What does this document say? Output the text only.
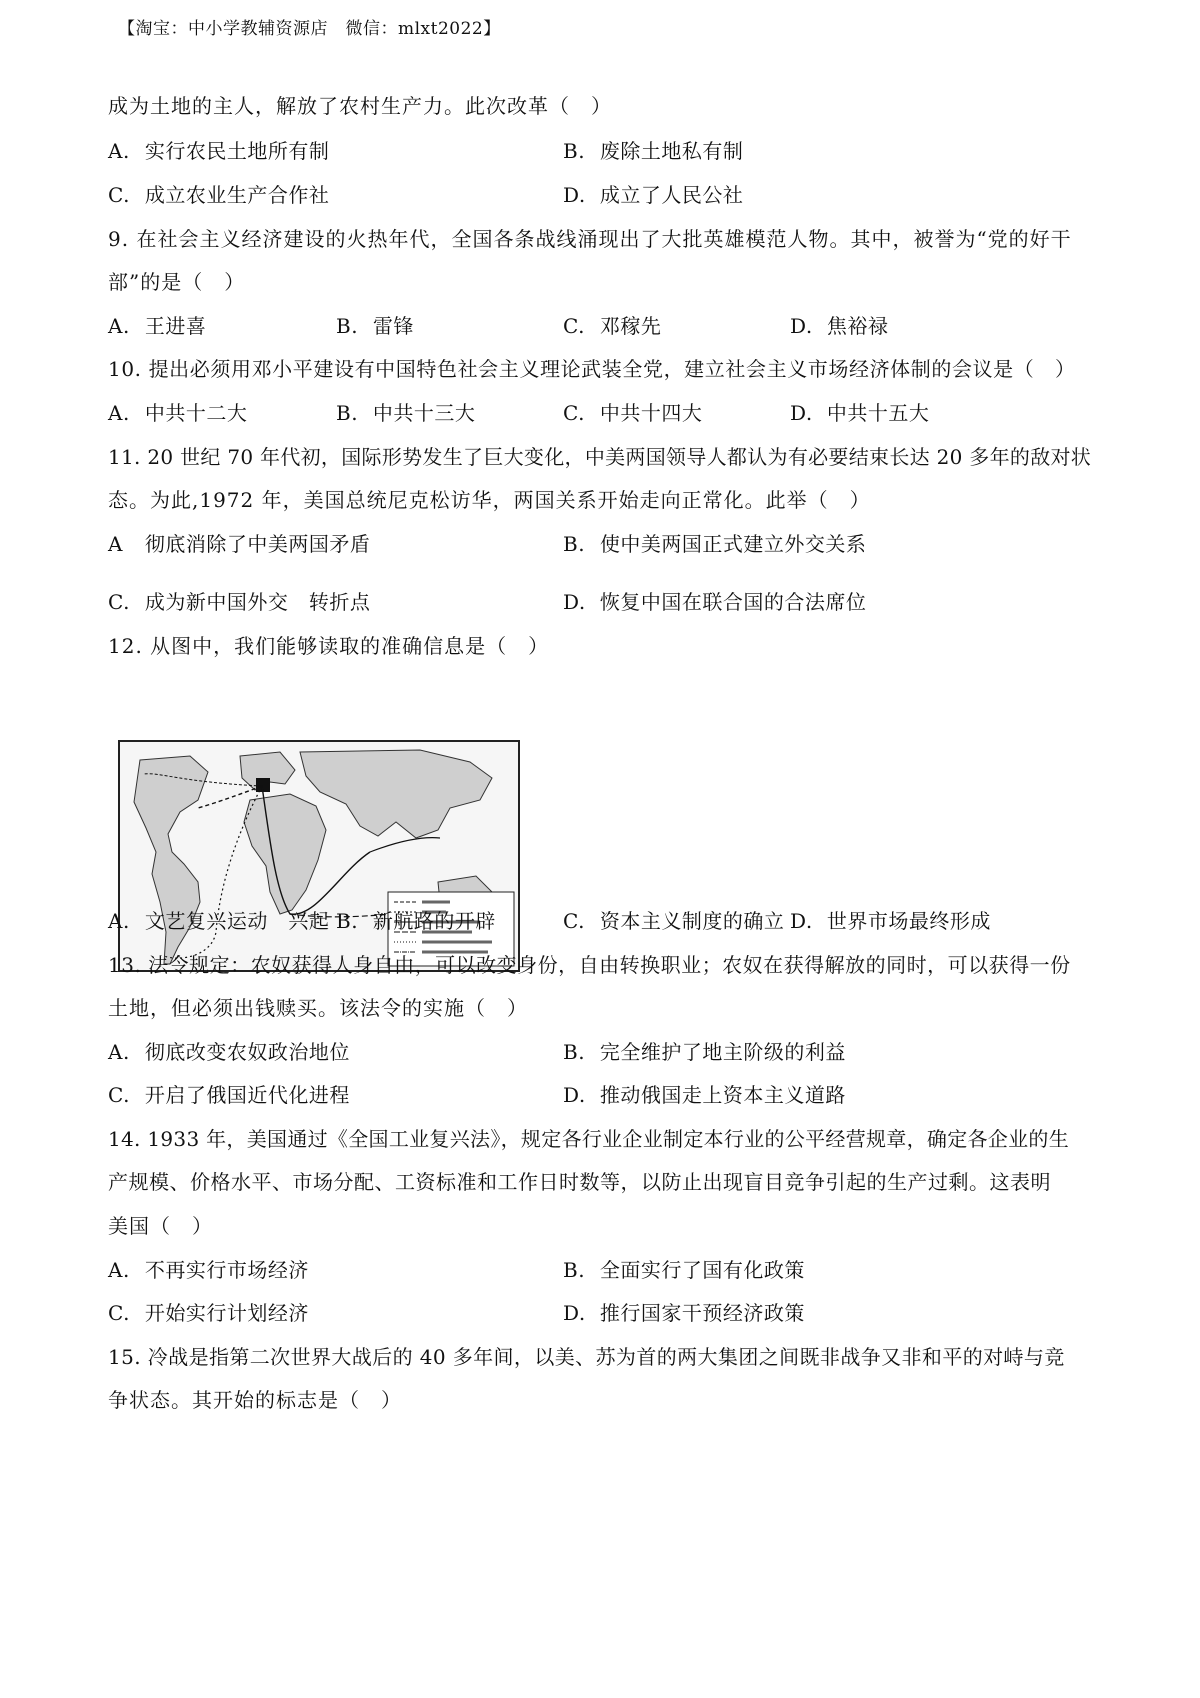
【淘宝：中小学教辅资源店　微信：mlxt2022】
成为土地的主人，解放了农村生产力。此次改革（　）
A. 实行农民土地所有制	B. 废除土地私有制
C. 成立农业生产合作社	D. 成立了人民公社
9. 在社会主义经济建设的火热年代，全国各条战线涌现出了大批英雄模范人物。其中，被誉为“党的好干
部”的是（　）
A. 王进喜	B. 雷锋	C. 邓稼先	D. 焦裕禄
10. 提出必须用邓小平建设有中国特色社会主义理论武装全党，建立社会主义市场经济体制的会议是（　）
A. 中共十二大	B. 中共十三大	C. 中共十四大	D. 中共十五大
11. 20 世纪 70 年代初，国际形势发生了巨大变化，中美两国领导人都认为有必要结束长达 20 多年的敌对状
态。为此,1972 年，美国总统尼克松访华，两国关系开始走向正常化。此举（　）
A 彻底消除了中美两国矛盾	B. 使中美两国正式建立外交关系
C. 成为新中国外交　转折点	D. 恢复中国在联合国的合法席位
12. 从图中，我们能够读取的准确信息是（　）
A. 文艺复兴运动　兴起 B. 新航路的开辟	C. 资本主义制度的确立 D. 世界市场最终形成
13. 法令规定：农奴获得人身自由，可以改变身份，自由转换职业；农奴在获得解放的同时，可以获得一份
土地，但必须出钱赎买。该法令的实施（　）
A. 彻底改变农奴政治地位	B. 完全维护了地主阶级的利益
C. 开启了俄国近代化进程	D. 推动俄国走上资本主义道路
14. 1933 年，美国通过《全国工业复兴法》，规定各行业企业制定本行业的公平经营规章，确定各企业的生
产规模、价格水平、市场分配、工资标准和工作日时数等，以防止出现盲目竞争引起的生产过剩。这表明
美国（　）
A. 不再实行市场经济	B. 全面实行了国有化政策
C. 开始实行计划经济	D. 推行国家干预经济政策
15. 冷战是指第二次世界大战后的 40 多年间，以美、苏为首的两大集团之间既非战争又非和平的对峙与竞
争状态。其开始的标志是（　）
